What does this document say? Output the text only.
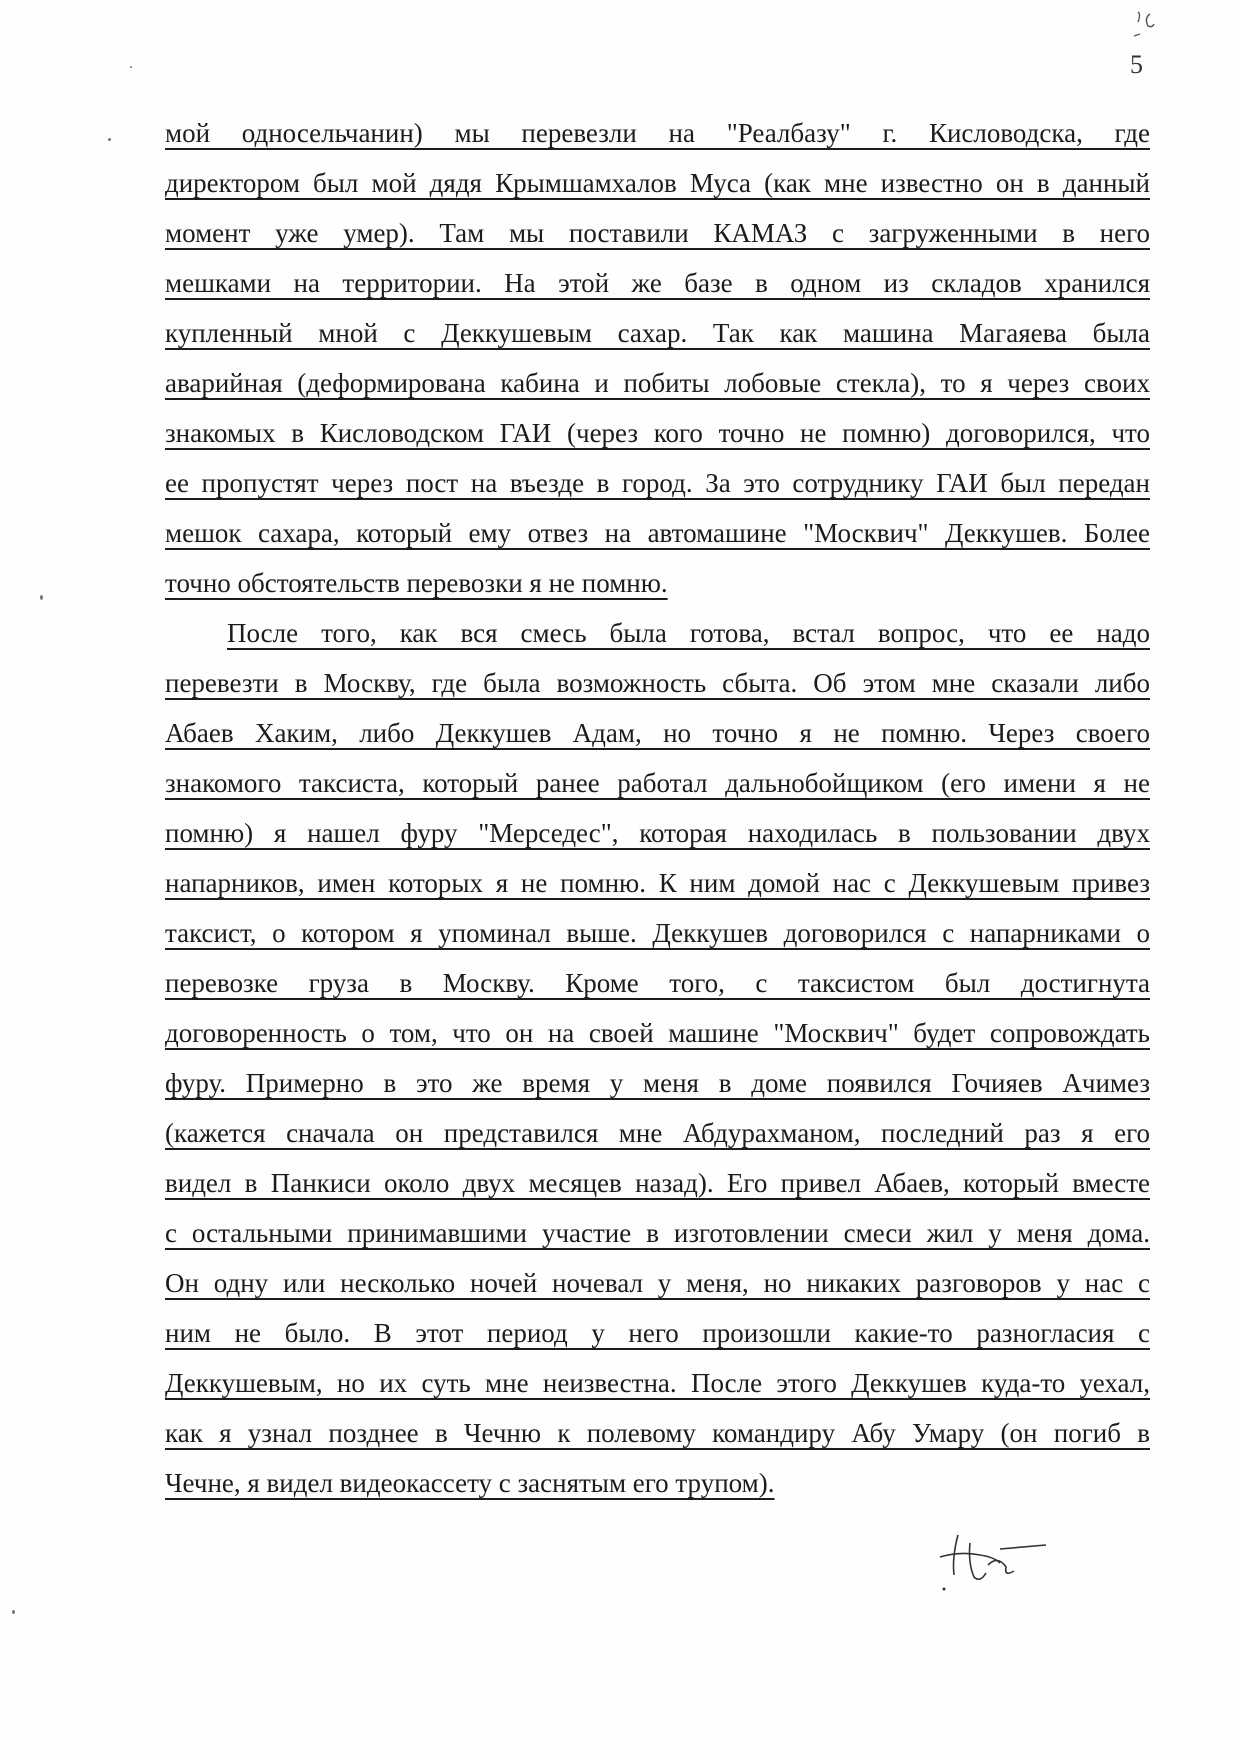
5
мой односельчанин) мы перевезли на "Реалбазу" г. Кисловодска, где
директором был мой дядя Крымшамхалов Муса (как мне известно он в данный
момент уже умер). Там мы поставили КАМАЗ с загруженными в него
мешками на территории. На этой же базе в одном из складов хранился
купленный мной с Деккушевым сахар. Так как машина Магаяева была
аварийная (деформирована кабина и побиты лобовые стекла), то я через своих
знакомых в Кисловодском ГАИ (через кого точно не помню) договорился, что
ее пропустят через пост на въезде в город. За это сотруднику ГАИ был передан
мешок сахара, который ему отвез на автомашине "Москвич" Деккушев. Более
точно обстоятельств перевозки я не помню.
После того, как вся смесь была готова, встал вопрос, что ее надо
перевезти в Москву, где была возможность сбыта. Об этом мне сказали либо
Абаев Хаким, либо Деккушев Адам, но точно я не помню. Через своего
знакомого таксиста, который ранее работал дальнобойщиком (его имени я не
помню) я нашел фуру "Мерседес", которая находилась в пользовании двух
напарников, имен которых я не помню. К ним домой нас с Деккушевым привез
таксист, о котором я упоминал выше. Деккушев договорился с напарниками о
перевозке груза в Москву. Кроме того, с таксистом был достигнута
договоренность о том, что он на своей машине "Москвич" будет сопровождать
фуру. Примерно в это же время у меня в доме появился Гочияев Ачимез
(кажется сначала он представился мне Абдурахманом, последний раз я его
видел в Панкиси около двух месяцев назад). Его привел Абаев, который вместе
с остальными принимавшими участие в изготовлении смеси жил у меня дома.
Он одну или несколько ночей ночевал у меня, но никаких разговоров у нас с
ним не было. В этот период у него произошли какие-то разногласия с
Деккушевым, но их суть мне неизвестна. После этого Деккушев куда-то уехал,
как я узнал позднее в Чечню к полевому командиру Абу Умару (он погиб в
Чечне, я видел видеокассету с заснятым его трупом).
